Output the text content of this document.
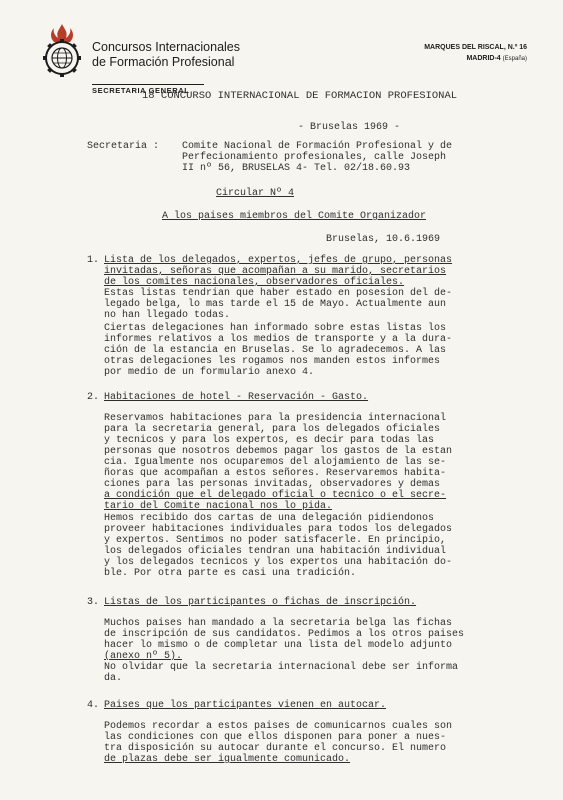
Concursos Internacionales
de Formación Profesional
SECRETARIA GENERAL
MARQUES DEL RISCAL, N.º 16
MADRID-4 (España)
18 CONCURSO INTERNACIONAL DE FORMACION PROFESIONAL
- Bruselas 1969 -
Secretaria : Comite Nacional de Formación Profesional y de
Perfecionamiento profesionales, calle Joseph
II nº 56, BRUSELAS 4- Tel. 02/18.60.93
Circular Nº 4
A los paises miembros del Comite Organizador
Bruselas, 10.6.1969
1. Lista de los delegados, expertos, jefes de grupo, personas
invitadas, señoras que acompañan a su marido, secretarios
de los comites nacionales, observadores oficiales.
Estas listas tendrian que haber estado en posesion del de-
legado belga, lo mas tarde el 15 de Mayo. Actualmente aun
no han llegado todas.
Ciertas delegaciones han informado sobre estas listas los
informes relativos a los medios de transporte y a la dura-
ción de la estancia en Bruselas. Se lo agradecemos. A las
otras delegaciones les rogamos nos manden estos informes
por medio de un formulario anexo 4.
2. Habitaciones de hotel - Reservación - Gasto.
Reservamos habitaciones para la presidencia internacional
para la secretaria general, para los delegados oficiales
y tecnicos y para los expertos, es decir para todas las
personas que nosotros debemos pagar los gastos de la estan
cia. Igualmente nos ocuparemos del alojamiento de las se-
ñoras que acompañan a estos señores. Reservaremos habita-
ciones para las personas invitadas, observadores y demas
a condición que el delegado oficial o tecnico o el secre-
tario del Comite nacional nos lo pida.
Hemos recibido dos cartas de una delegación pidiendonos
proveer habitaciones individuales para todos los delegados
y expertos. Sentimos no poder satisfacerle. En principio,
los delegados oficiales tendran una habitación individual
y los delegados tecnicos y los expertos una habitación do-
ble. Por otra parte es casi una tradición.
3. Listas de los participantes o fichas de inscripción.
Muchos paises han mandado a la secretaria belga las fichas
de inscripción de sus candidatos. Pedimos a los otros paises
hacer lo mismo o de completar una lista del modelo adjunto
(anexo nº 5).
No olvidar que la secretaria internacional debe ser informa
da.
4. Paises que los participantes vienen en autocar.
Podemos recordar a estos paises de comunicarnos cuales son
las condiciones con que ellos disponen para poner a nues-
tra disposición su autocar durante el concurso. El numero
de plazas debe ser igualmente comunicado.
